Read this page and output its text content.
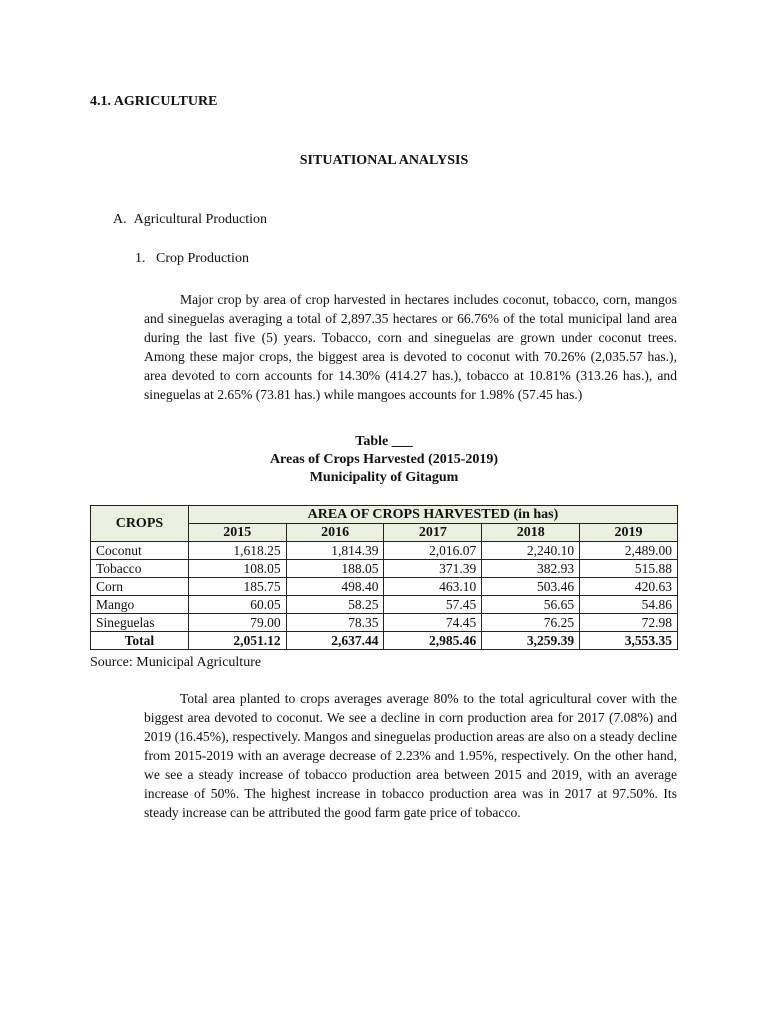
4.1. AGRICULTURE
SITUATIONAL ANALYSIS
A.  Agricultural Production
1.   Crop Production

Major crop by area of crop harvested in hectares includes coconut, tobacco, corn, mangos and sineguelas averaging a total of 2,897.35 hectares or 66.76% of the total municipal land area during the last five (5) years. Tobacco, corn and sineguelas are grown under coconut trees. Among these major crops, the biggest area is devoted to coconut with 70.26% (2,035.57 has.), area devoted to corn accounts for 14.30% (414.27 has.), tobacco at 10.81% (313.26 has.), and sineguelas at 2.65% (73.81 has.) while mangoes accounts for 1.98% (57.45 has.)

Table ___
Areas of Crops Harvested (2015-2019)
Municipality of Gitagum
CROPS	AREA OF CROPS HARVESTED (in has)				
	2015	2016	2017	2018	2019
Coconut	1,618.25	1,814.39	2,016.07	2,240.10	2,489.00
Tobacco	108.05	188.05	371.39	382.93	515.88
Corn	185.75	498.40	463.10	503.46	420.63
Mango	60.05	58.25	57.45	56.65	54.86
Sineguelas	79.00	78.35	74.45	76.25	72.98
Total	2,051.12	2,637.44	2,985.46	3,259.39	3,553.35
Source: Municipal Agriculture

Total area planted to crops averages average 80% to the total agricultural cover with the biggest area devoted to coconut. We see a decline in corn production area for 2017 (7.08%) and 2019 (16.45%), respectively. Mangos and sineguelas production areas are also on a steady decline from 2015-2019 with an average decrease of 2.23% and 1.95%, respectively. On the other hand, we see a steady increase of tobacco production area between 2015 and 2019, with an average increase of 50%. The highest increase in tobacco production area was in 2017 at 97.50%. Its steady increase can be attributed the good farm gate price of tobacco.
